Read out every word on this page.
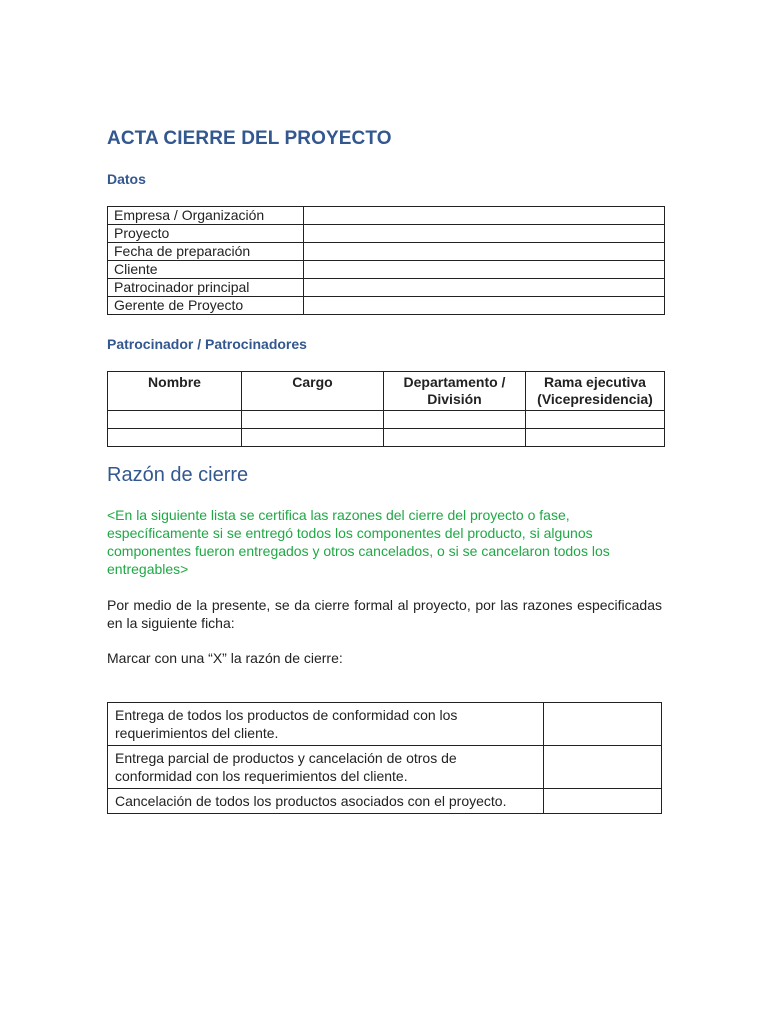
ACTA CIERRE DEL PROYECTO
Datos
Empresa / Organización	
Proyecto	
Fecha de preparación	
Cliente	
Patrocinador principal	
Gerente de Proyecto	
Patrocinador / Patrocinadores
Nombre	Cargo	Departamento / División	Rama ejecutiva (Vicepresidencia)

Razón de cierre

<En la siguiente lista se certifica las razones del cierre del proyecto o fase, específicamente si se entregó todos los componentes del producto, si algunos componentes fueron entregados y otros cancelados, o si se cancelaron todos los entregables>

Por medio de la presente, se da cierre formal al proyecto, por las razones especificadas en la siguiente ficha:

Marcar con una “X” la razón de cierre:

Entrega de todos los productos de conformidad con los requerimientos del cliente.	
Entrega parcial de productos y cancelación de otros de conformidad con los requerimientos del cliente.	
Cancelación de todos los productos asociados con el proyecto.	
